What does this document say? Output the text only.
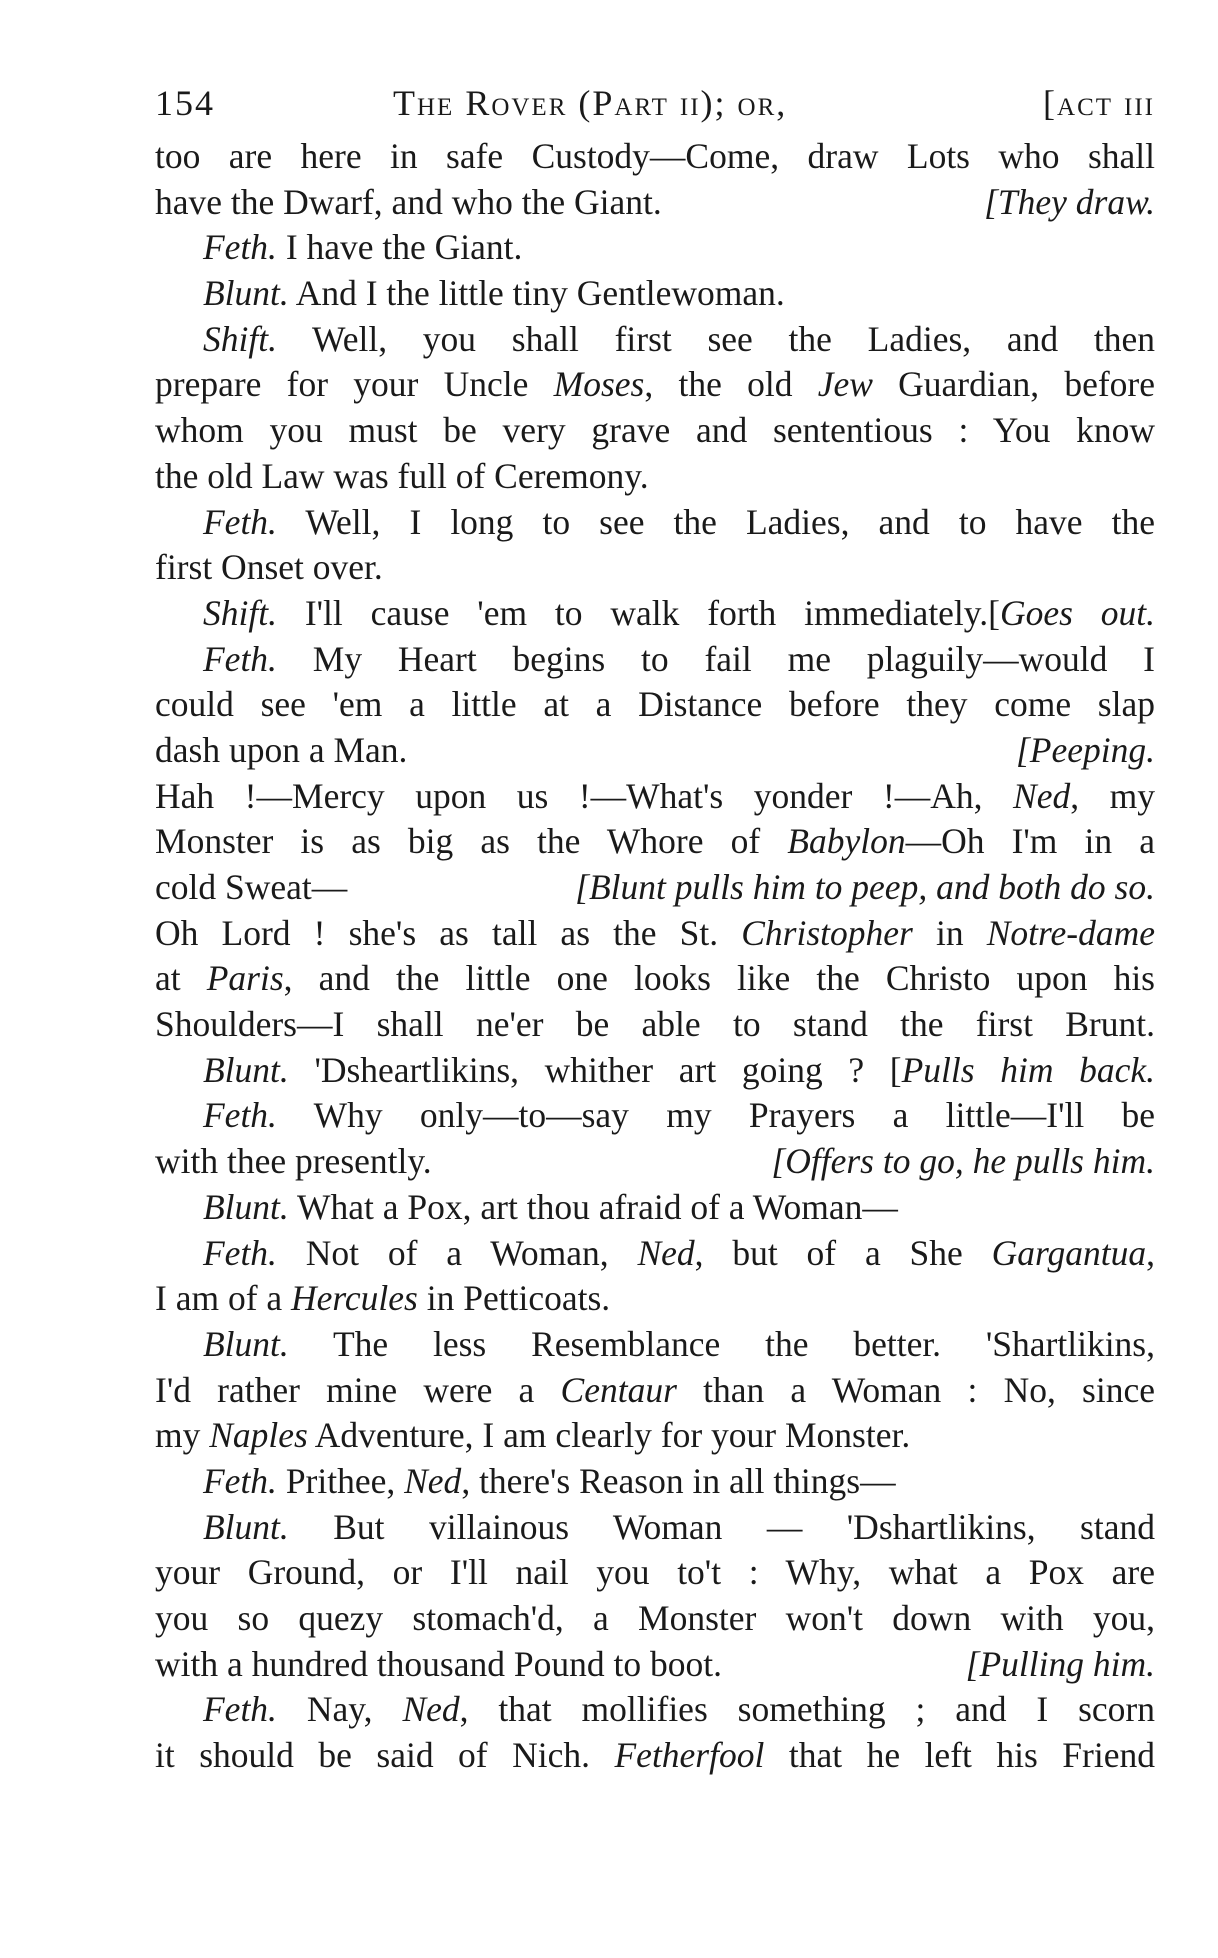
154	The Rover (Part ii); or,	[act iii
too are here in safe Custody—Come, draw Lots who shall
have the Dwarf, and who the Giant.	[They draw.
Feth. I have the Giant.
Blunt. And I the little tiny Gentlewoman.
Shift. Well, you shall first see the Ladies, and then
prepare for your Uncle Moses, the old Jew Guardian, before
whom you must be very grave and sententious : You know
the old Law was full of Ceremony.
Feth. Well, I long to see the Ladies, and to have the
first Onset over.
Shift. I'll cause 'em to walk forth immediately.[Goes out.
Feth. My Heart begins to fail me plaguily—would I
could see 'em a little at a Distance before they come slap
dash upon a Man.	[Peeping.
Hah !—Mercy upon us !—What's yonder !—Ah, Ned, my
Monster is as big as the Whore of Babylon—Oh I'm in a
cold Sweat—	[Blunt pulls him to peep, and both do so.
Oh Lord ! she's as tall as the St. Christopher in Notre-dame
at Paris, and the little one looks like the Christo upon his
Shoulders—I shall ne'er be able to stand the first Brunt.
Blunt. 'Dsheartlikins, whither art going ? [Pulls him back.
Feth. Why only—to—say my Prayers a little—I'll be
with thee presently.	[Offers to go, he pulls him.
Blunt. What a Pox, art thou afraid of a Woman—
Feth. Not of a Woman, Ned, but of a She Gargantua,
I am of a Hercules in Petticoats.
Blunt. The less Resemblance the better. 'Shartlikins,
I'd rather mine were a Centaur than a Woman : No, since
my Naples Adventure, I am clearly for your Monster.
Feth. Prithee, Ned, there's Reason in all things—
Blunt. But villainous Woman — 'Dshartlikins, stand
your Ground, or I'll nail you to't : Why, what a Pox are
you so quezy stomach'd, a Monster won't down with you,
with a hundred thousand Pound to boot.	[Pulling him.
Feth. Nay, Ned, that mollifies something ; and I scorn
it should be said of Nich. Fetherfool that he left his Friend
